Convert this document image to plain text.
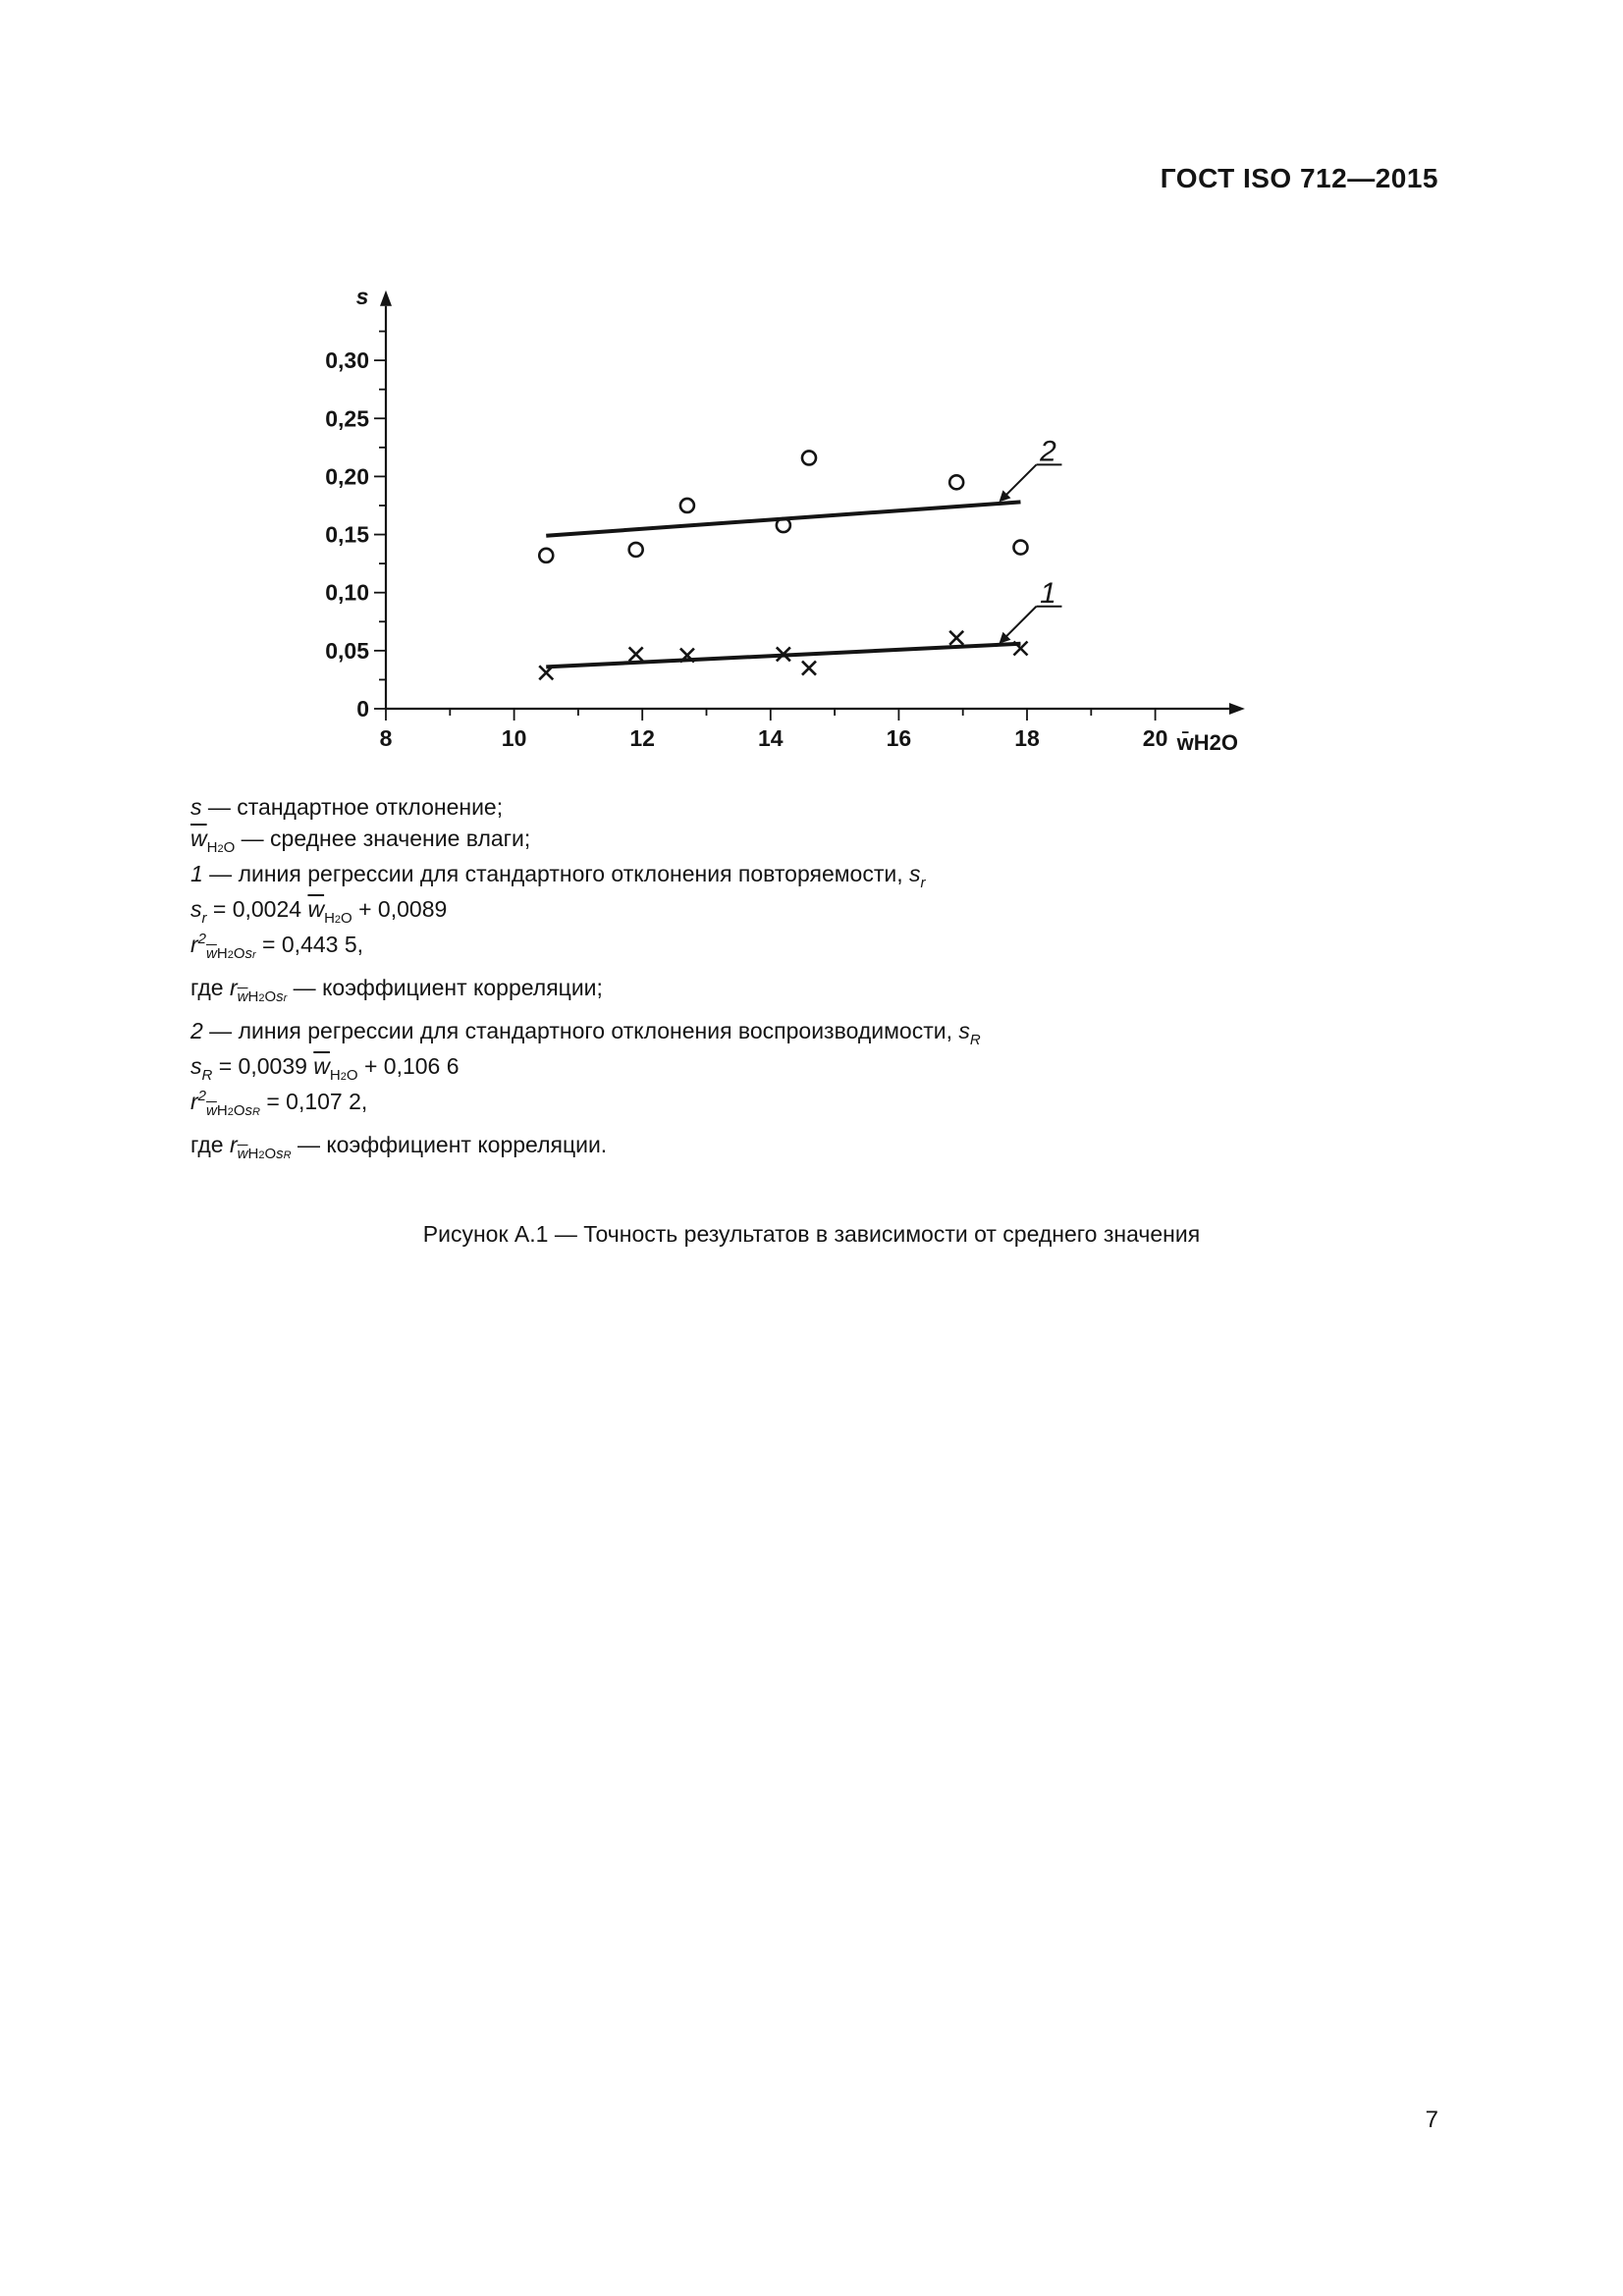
ГОСТ ISO 712—2015
8	10	12	14	16	18	20
0
0,05
0,10
0,15
0,20
0,25
0,30
s
w̄H2O
1
2

s — стандартное отклонение;

$\overline{w}_{H2O}$ — среднее значение влаги;

1 — линия регрессии для стандартного отклонения повторяемости, $s_r$

$s_r = 0,0024$ $\overline{w}_{H2O} + 0,0089$

$r^2_{\overline{w}H2Osr} = 0,443$ 5,

где $r_{\overline{w}H2Osr}$ — коэффициент корреляции;

2 — линия регрессии для стандартного отклонения воспроизводимости, $s_R$

$s_R = 0,0039$ $\overline{w}_{H2O} + 0,106$ 6

$r^2_{\overline{w}H2OsR} = 0,107$ 2,

где $r_{\overline{w}H2OsR}$ — коэффициент корреляции.

Рисунок А.1 — Точность результатов в зависимости от среднего значения
7
